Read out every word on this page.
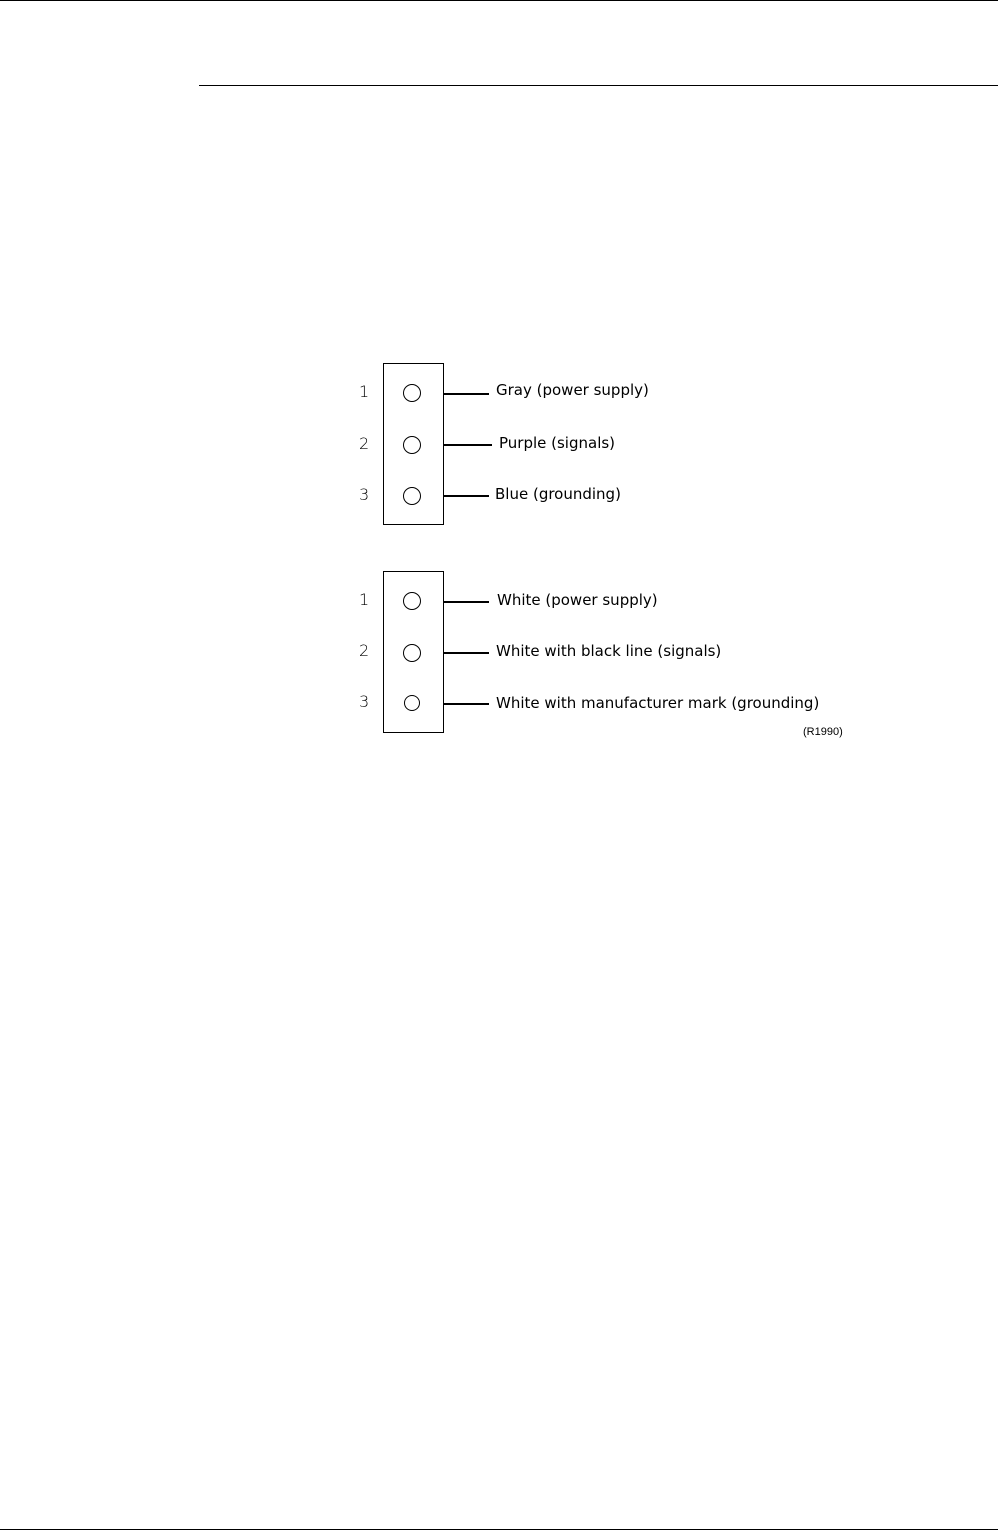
1	Gray (power supply)
2	Purple (signals)
3	Blue (grounding)
1	White (power supply)
2	White with black line (signals)
3	White with manufacturer mark (grounding)
(R1990)
